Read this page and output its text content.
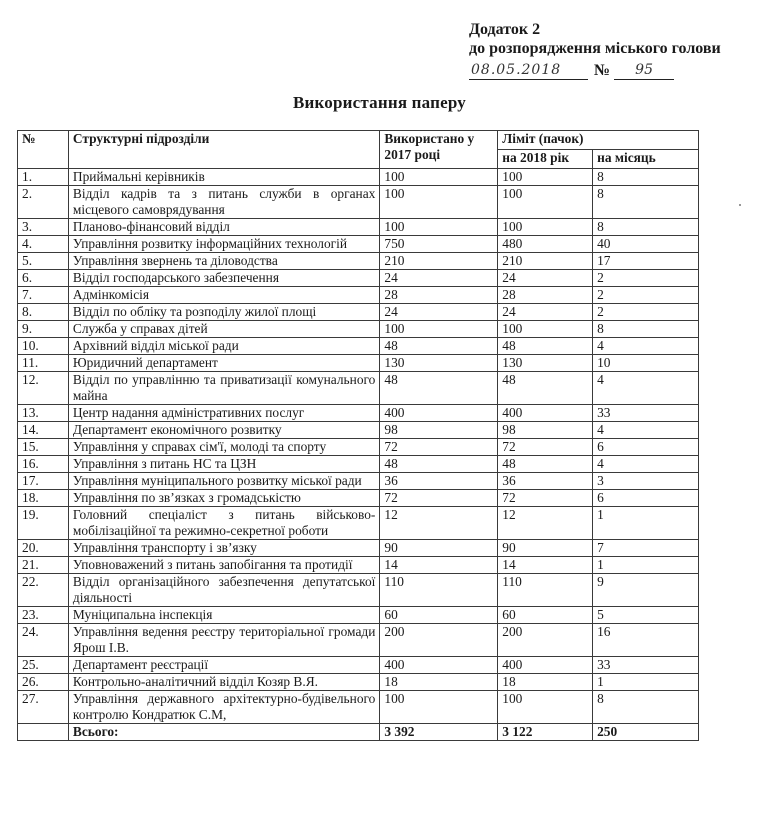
Додаток 2
до розпорядження міського голови
08.05.2018	№	95
Використання паперу
№	Структурні підрозділи	Використано у 2017 році	Ліміт (пачок)	
			на 2018 рік	на місяць
1.	Приймальні керівників	100	100	8
2.	Відділ кадрів та з питань служби в органах місцевого самоврядування	100	100	8
3.	Планово-фінансовий відділ	100	100	8
4.	Управління розвитку інформаційних технологій	750	480	40
5.	Управління звернень та діловодства	210	210	17
6.	Відділ господарського забезпечення	24	24	2
7.	Адмінкомісія	28	28	2
8.	Відділ по обліку та розподілу жилої площі	24	24	2
9.	Служба у справах дітей	100	100	8
10.	Архівний відділ міської ради	48	48	4
11.	Юридичний департамент	130	130	10
12.	Відділ по управлінню та приватизації комунального майна	48	48	4
13.	Центр надання адміністративних послуг	400	400	33
14.	Департамент економічного розвитку	98	98	4
15.	Управління у справах сім'ї, молоді та спорту	72	72	6
16.	Управління з питань НС та ЦЗН	48	48	4
17.	Управління муніципального розвитку міської ради	36	36	3
18.	Управління по зв’язках з громадськістю	72	72	6
19.	Головний спеціаліст з питань військово-мобілізаційної та режимно-секретної роботи	12	12	1
20.	Управління транспорту і зв’язку	90	90	7
21.	Уповноважений з питань запобігання та протидії	14	14	1
22.	Відділ організаційного забезпечення депутатської діяльності	110	110	9
23.	Муніципальна інспекція	60	60	5
24.	Управління ведення реєстру територіальної громади Ярош І.В.	200	200	16
25.	Департамент реєстрації	400	400	33
26.	Контрольно-аналітичний відділ Козяр В.Я.	18	18	1
27.	Управління державного архітектурно-будівельного контролю Кондратюк С.М,	100	100	8
	Всього:	3 392	3 122	250
